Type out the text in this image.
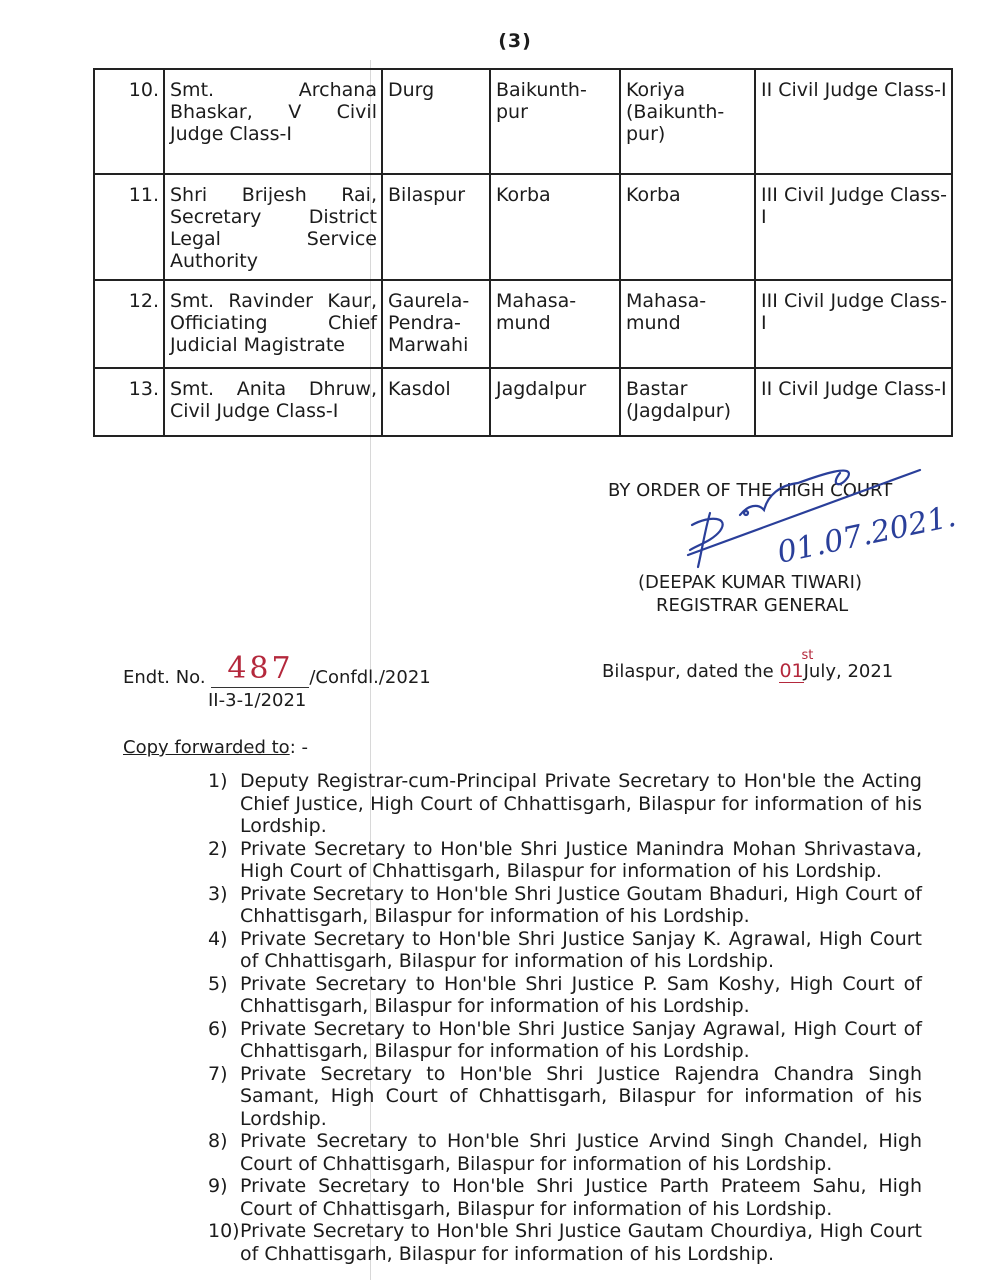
(3)
10.	Smt. Archana Bhaskar, V Civil Judge Class-I	Durg	Baikunth-pur	Koriya (Baikunth-pur)	II Civil Judge Class-I
11.	Shri Brijesh Rai, Secretary District Legal Service Authority	Bilaspur	Korba	Korba	III Civil Judge Class-I
12.	Smt. Ravinder Kaur, Officiating Chief Judicial Magistrate	Gaurela-Pendra-Marwahi	Mahasa-mund	Mahasa-mund	III Civil Judge Class-I
13.	Smt. Anita Dhruw, Civil Judge Class-I	Kasdol	Jagdalpur	Bastar (Jagdalpur)	II Civil Judge Class-I
BY ORDER OF THE HIGH COURT
(DEEPAK KUMAR TIWARI)
REGISTRAR GENERAL
01.07.2021.
Endt. No. 487 /Confdl./2021
II-3-1/2021
Bilaspur, dated the 01
st
July, 2021
Copy forwarded to: -
1) Deputy Registrar-cum-Principal Private Secretary to Hon'ble the Acting Chief Justice, High Court of Chhattisgarh, Bilaspur for information of his Lordship.
2) Private Secretary to Hon'ble Shri Justice Manindra Mohan Shrivastava, High Court of Chhattisgarh, Bilaspur for information of his Lordship.
3) Private Secretary to Hon'ble Shri Justice Goutam Bhaduri, High Court of Chhattisgarh, Bilaspur for information of his Lordship.
4) Private Secretary to Hon'ble Shri Justice Sanjay K. Agrawal, High Court of Chhattisgarh, Bilaspur for information of his Lordship.
5) Private Secretary to Hon'ble Shri Justice P. Sam Koshy, High Court of Chhattisgarh, Bilaspur for information of his Lordship.
6) Private Secretary to Hon'ble Shri Justice Sanjay Agrawal, High Court of Chhattisgarh, Bilaspur for information of his Lordship.
7) Private Secretary to Hon'ble Shri Justice Rajendra Chandra Singh Samant, High Court of Chhattisgarh, Bilaspur for information of his Lordship.
8) Private Secretary to Hon'ble Shri Justice Arvind Singh Chandel, High Court of Chhattisgarh, Bilaspur for information of his Lordship.
9) Private Secretary to Hon'ble Shri Justice Parth Prateem Sahu, High Court of Chhattisgarh, Bilaspur for information of his Lordship.
10) Private Secretary to Hon'ble Shri Justice Gautam Chourdiya, High Court of Chhattisgarh, Bilaspur for information of his Lordship.
